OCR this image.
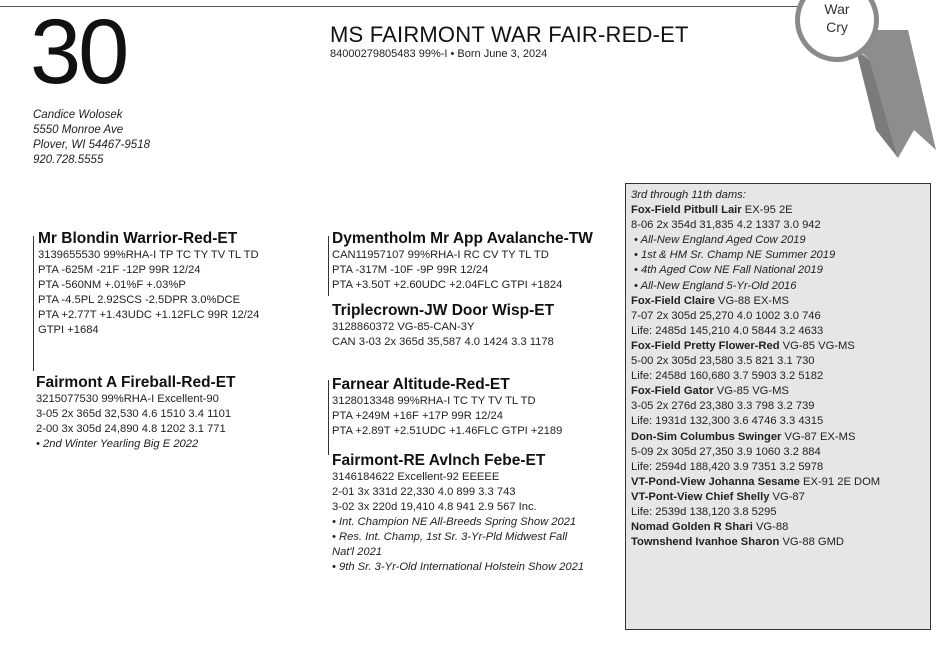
30
Candice Wolosek
5550 Monroe Ave
Plover, WI 54467-9518
920.728.5555
MS FAIRMONT WAR FAIR-RED-ET
84000279805483 99%-I • Born June 3, 2024
War
Cry
Mr Blondin Warrior-Red-ET
3139655530 99%RHA-I TP TC TY TV TL TD
PTA -625M -21F -12P 99R 12/24
PTA -560NM +.01%F +.03%P
PTA -4.5PL 2.92SCS -2.5DPR 3.0%DCE
PTA +2.77T +1.43UDC +1.12FLC 99R 12/24
GTPI +1684
Fairmont A Fireball-Red-ET
3215077530 99%RHA-I Excellent-90
3-05 2x 365d 32,530 4.6 1510 3.4 1101
2-00 3x 305d 24,890 4.8 1202 3.1 771
• 2nd Winter Yearling Big E 2022
Dymentholm Mr App Avalanche-TW
CAN11957107 99%RHA-I RC CV TY TL TD
PTA -317M -10F -9P 99R 12/24
PTA +3.50T +2.60UDC +2.04FLC GTPI +1824
Triplecrown-JW Door Wisp-ET
3128860372 VG-85-CAN-3Y
CAN 3-03 2x 365d 35,587 4.0 1424 3.3 1178
Farnear Altitude-Red-ET
3128013348 99%RHA-I TC TY TV TL TD
PTA +249M +16F +17P 99R 12/24
PTA +2.89T +2.51UDC +1.46FLC GTPI +2189
Fairmont-RE Avlnch Febe-ET
3146184622 Excellent-92 EEEEE
2-01 3x 331d 22,330 4.0 899 3.3 743
3-02 3x 220d 19,410 4.8 941 2.9 567 Inc.
• Int. Champion NE All-Breeds Spring Show 2021
• Res. Int. Champ, 1st Sr. 3-Yr-Pld Midwest Fall
Nat'l 2021
• 9th Sr. 3-Yr-Old International Holstein Show 2021
3rd through 11th dams:
Fox-Field Pitbull Lair EX-95 2E
8-06 2x 354d 31,835 4.2 1337 3.0 942
• All-New England Aged Cow 2019
• 1st & HM Sr. Champ NE Summer 2019
• 4th Aged Cow NE Fall National 2019
• All-New England 5-Yr-Old 2016
Fox-Field Claire VG-88 EX-MS
7-07 2x 305d 25,270 4.0 1002 3.0 746
Life: 2485d 145,210 4.0 5844 3.2 4633
Fox-Field Pretty Flower-Red VG-85 VG-MS
5-00 2x 305d 23,580 3.5 821 3.1 730
Life: 2458d 160,680 3.7 5903 3.2 5182
Fox-Field Gator VG-85 VG-MS
3-05 2x 276d 23,380 3.3 798 3.2 739
Life: 1931d 132,300 3.6 4746 3.3 4315
Don-Sim Columbus Swinger VG-87 EX-MS
5-09 2x 305d 27,350 3.9 1060 3.2 884
Life: 2594d 188,420 3.9 7351 3.2 5978
VT-Pond-View Johanna Sesame EX-91 2E DOM
VT-Pont-View Chief Shelly VG-87
Life: 2539d 138,120 3.8 5295
Nomad Golden R Shari VG-88
Townshend Ivanhoe Sharon VG-88 GMD
